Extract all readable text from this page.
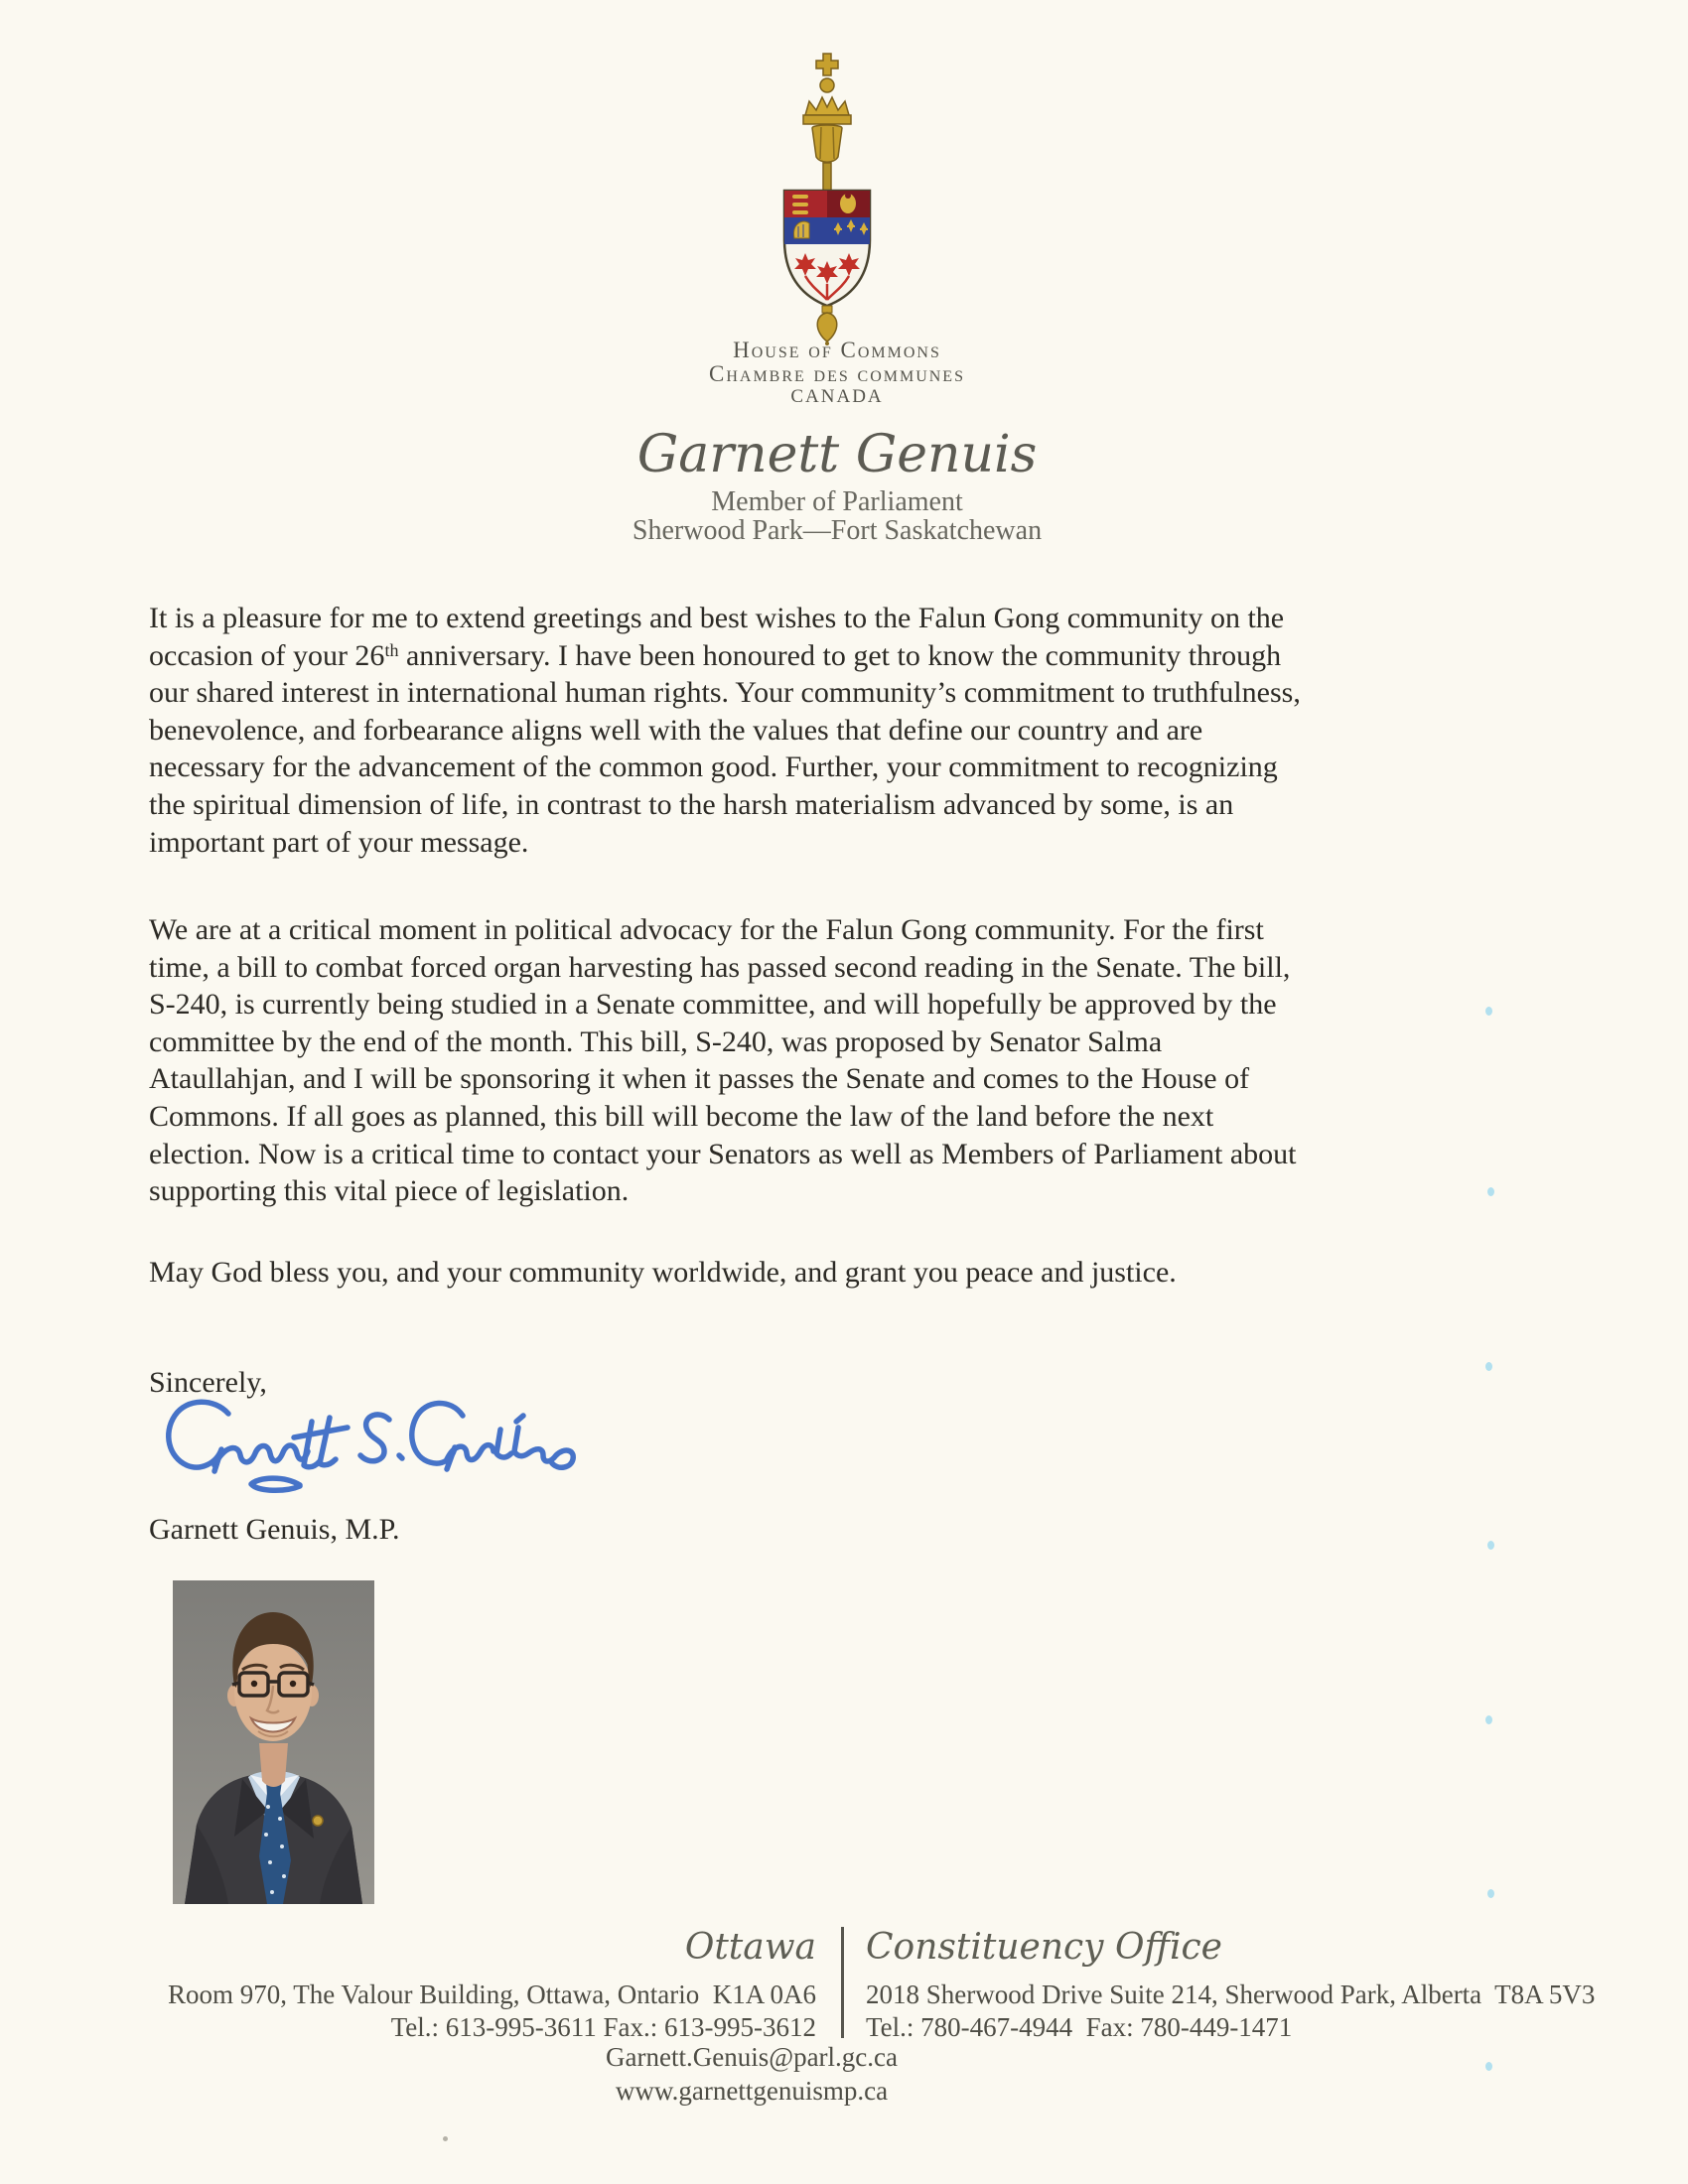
House of Commons
Chambre des communes
CANADA
Garnett Genuis
Member of Parliament
Sherwood Park—Fort Saskatchewan
It is a pleasure for me to extend greetings and best wishes to the Falun Gong community on the
occasion of your 26th anniversary. I have been honoured to get to know the community through
our shared interest in international human rights. Your community’s commitment to truthfulness,
benevolence, and forbearance aligns well with the values that define our country and are
necessary for the advancement of the common good. Further, your commitment to recognizing
the spiritual dimension of life, in contrast to the harsh materialism advanced by some, is an
important part of your message.
We are at a critical moment in political advocacy for the Falun Gong community. For the first
time, a bill to combat forced organ harvesting has passed second reading in the Senate. The bill,
S-240, is currently being studied in a Senate committee, and will hopefully be approved by the
committee by the end of the month. This bill, S-240, was proposed by Senator Salma
Ataullahjan, and I will be sponsoring it when it passes the Senate and comes to the House of
Commons. If all goes as planned, this bill will become the law of the land before the next
election. Now is a critical time to contact your Senators as well as Members of Parliament about
supporting this vital piece of legislation.
May God bless you, and your community worldwide, and grant you peace and justice.
Sincerely,
Garnett Genuis, M.P.
Ottawa
Room 970, The Valour Building, Ottawa, Ontario  K1A 0A6
Tel.: 613-995-3611 Fax.: 613-995-3612
Constituency Office
2018 Sherwood Drive Suite 214, Sherwood Park, Alberta  T8A 5V3
Tel.: 780-467-4944  Fax: 780-449-1471
Garnett.Genuis@parl.gc.ca
www.garnettgenuismp.ca
